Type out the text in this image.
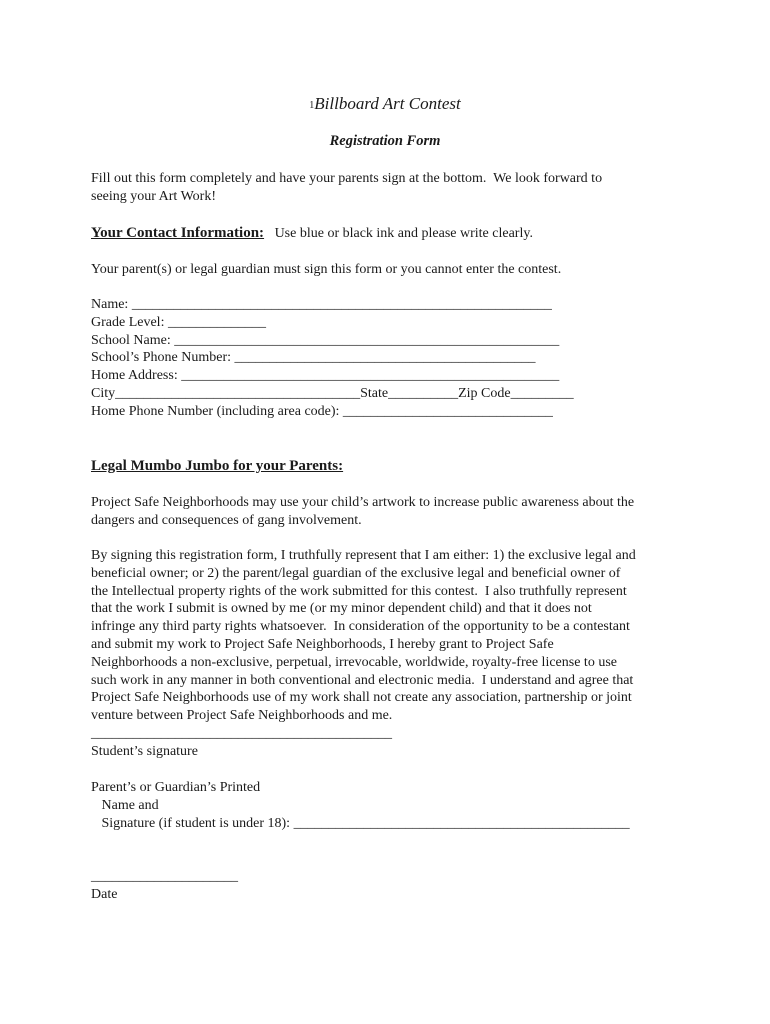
1Billboard Art Contest
Registration Form
Fill out this form completely and have your parents sign at the bottom.  We look forward to
seeing your Art Work!
Your Contact Information: Use blue or black ink and please write clearly.
Your parent(s) or legal guardian must sign this form or you cannot enter the contest.
Name: ____________________________________________________________
Grade Level: ______________
School Name: _______________________________________________________
School’s Phone Number: ___________________________________________
Home Address: ______________________________________________________
City___________________________________State__________Zip Code_________
Home Phone Number (including area code): ______________________________
Legal Mumbo Jumbo for your Parents:
Project Safe Neighborhoods may use your child’s artwork to increase public awareness about the
dangers and consequences of gang involvement.
By signing this registration form, I truthfully represent that I am either: 1) the exclusive legal and
beneficial owner; or 2) the parent/legal guardian of the exclusive legal and beneficial owner of
the Intellectual property rights of the work submitted for this contest.  I also truthfully represent
that the work I submit is owned by me (or my minor dependent child) and that it does not
infringe any third party rights whatsoever.  In consideration of the opportunity to be a contestant
and submit my work to Project Safe Neighborhoods, I hereby grant to Project Safe
Neighborhoods a non-exclusive, perpetual, irrevocable, worldwide, royalty-free license to use
such work in any manner in both conventional and electronic media.  I understand and agree that
Project Safe Neighborhoods use of my work shall not create any association, partnership or joint
venture between Project Safe Neighborhoods and me.
___________________________________________
Student’s signature
Parent’s or Guardian’s Printed
Name and
Signature (if student is under 18): ________________________________________________
_____________________
Date
